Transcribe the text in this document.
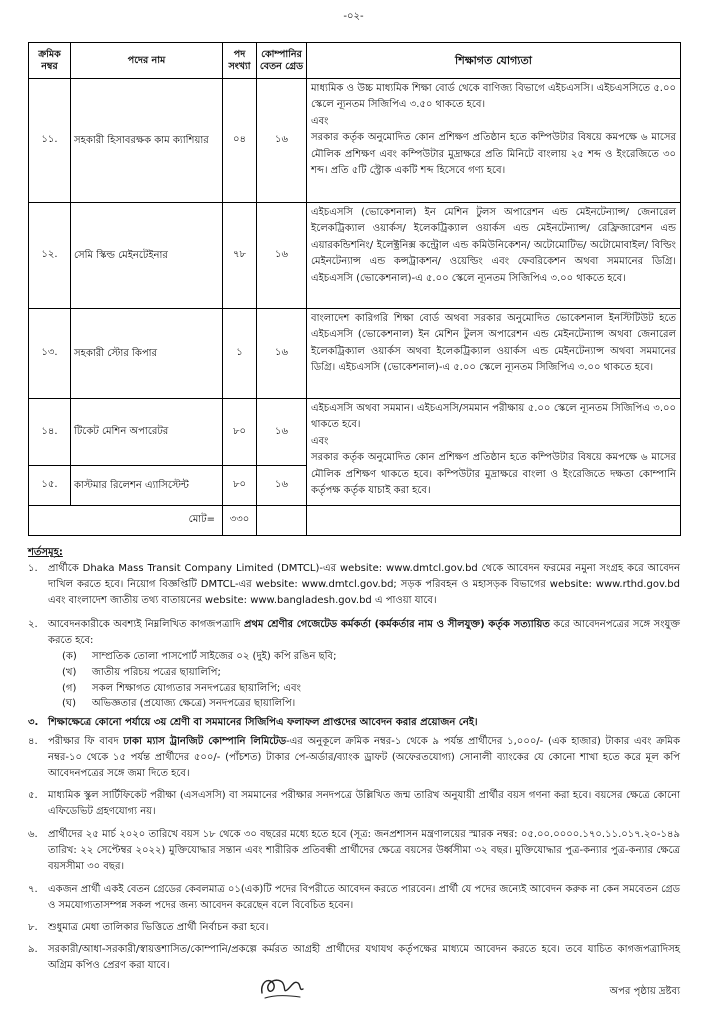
-০২-
ক্রমিক নম্বর	পদের নাম	পদ সংখ্যা	কোম্পানির বেতন গ্রেড	শিক্ষাগত যোগ্যতা
১১.	সহকারী হিসাবরক্ষক কাম ক্যাশিয়ার	০৪	১৬	মাধ্যমিক ও উচ্চ মাধ্যমিক শিক্ষা বোর্ড থেকে বাণিজ্য বিভাগে এইচএসসি। এইচএসসিতে ৫.০০ স্কেলে ন্যূনতম সিজিপিএ ৩.৫০ থাকতে হবে।

এবং

সরকার কর্তৃক অনুমোদিত কোন প্রশিক্ষণ প্রতিষ্ঠান হতে কম্পিউটার বিষয়ে কমপক্ষে ৬ মাসের মৌলিক প্রশিক্ষণ এবং কম্পিউটার মুদ্রাক্ষরে প্রতি মিনিটে বাংলায় ২৫ শব্দ ও ইংরেজিতে ৩০ শব্দ। প্রতি ৫টি স্ট্রোক একটি শব্দ হিসেবে গণ্য হবে।

১২.	সেমি স্কিল্ড মেইনটেইনার	৭৮	১৬	এইচএসসি (ভোকেশনাল) ইন মেশিন টুলস অপারেশন এন্ড মেইনটেন্যান্স/ জেনারেল ইলেকট্রিক্যাল ওয়ার্কস/ ইলেকট্রিক্যাল ওয়ার্কস এন্ড মেইনটেন্যান্স/ রেফ্রিজারেশন এন্ড এয়ারকন্ডিশনিং/ ইলেক্ট্রনিক্স কন্ট্রোল এন্ড কমিউনিকেশন/ অটোমোটিভ/ অটোমোবাইল/ বিল্ডিং মেইনটেন্যান্স এন্ড কন্সট্রাকশন/ ওয়েল্ডিং এবং ফেবরিকেশন অথবা সমমানের ডিগ্রি। এইচএসসি (ভোকেশনাল)-এ ৫.০০ স্কেলে ন্যূনতম সিজিপিএ ৩.০০ থাকতে হবে।

১৩.	সহকারী স্টোর কিপার	১	১৬	বাংলাদেশ কারিগরি শিক্ষা বোর্ড অথবা সরকার অনুমোদিত ভোকেশনাল ইনস্টিটিউট হতে এইচএসসি (ভোকেশনাল) ইন মেশিন টুলস অপারেশন এন্ড মেইনটেন্যান্স অথবা জেনারেল ইলেকট্রিক্যাল ওয়ার্কস অথবা ইলেকট্রিক্যাল ওয়ার্কস এন্ড মেইনটেন্যান্স অথবা সমমানের ডিগ্রি। এইচএসসি (ভোকেশনাল)-এ ৫.০০ স্কেলে ন্যূনতম সিজিপিএ ৩.০০ থাকতে হবে।

১৪.	টিকেট মেশিন অপারেটর	৮০	১৬	এইচএসসি অথবা সমমান। এইচএসসি/সমমান পরীক্ষায় ৫.০০ স্কেলে ন্যূনতম সিজিপিএ ৩.০০ থাকতে হবে।

এবং

সরকার কর্তৃক অনুমোদিত কোন প্রশিক্ষণ প্রতিষ্ঠান হতে কম্পিউটার বিষয়ে কমপক্ষে ৬ মাসের মৌলিক প্রশিক্ষণ থাকতে হবে। কম্পিউটার মুদ্রাক্ষরে বাংলা ও ইংরেজিতে দক্ষতা কোম্পানি কর্তৃপক্ষ কর্তৃক যাচাই করা হবে।

১৫.	কাস্টমার রিলেশন এ্যাসিস্টেন্ট	৮০	১৬	
মোট=		৩৩০		
শর্তসমূহ:
১.	প্রার্থীকে Dhaka Mass Transit Company Limited (DMTCL)-এর website: www.dmtcl.gov.bd থেকে আবেদন ফরমের নমুনা সংগ্রহ করে আবেদন দাখিল করতে হবে। নিয়োগ বিজ্ঞপ্তিটি DMTCL-এর website: www.dmtcl.gov.bd; সড়ক পরিবহন ও মহাসড়ক বিভাগের website: www.rthd.gov.bd এবং বাংলাদেশ জাতীয় তথ্য বাতায়নের website: www.bangladesh.gov.bd এ পাওয়া যাবে।
২.	আবেদনকারীকে অবশ্যই নিম্নলিখিত কাগজপত্রাদি প্রথম শ্রেণীর গেজেটেড কর্মকর্তা (কর্মকর্তার নাম ও সীলযুক্ত) কর্তৃক সত্যায়িত করে আবেদনপত্রের সঙ্গে সংযুক্ত করতে হবে:
(ক)	সাম্প্রতিক তোলা পাসপোর্ট সাইজের ০২ (দুই) কপি রঙিন ছবি;
(খ)	জাতীয় পরিচয় পত্রের ছায়ালিপি;
(গ)	সকল শিক্ষাগত যোগ্যতার সনদপত্রের ছায়ালিপি; এবং
(ঘ)	অভিজ্ঞতার (প্রযোজ্য ক্ষেত্রে) সনদপত্রের ছায়ালিপি।
৩. শিক্ষাক্ষেত্রে কোনো পর্যায়ে ৩য় শ্রেণী বা সমমানের সিজিপিএ ফলাফল প্রাপ্তদের আবেদন করার প্রয়োজন নেই।
৪.	পরীক্ষার ফি বাবদ ঢাকা ম্যাস ট্রানজিট কোম্পানি লিমিটেড-এর অনুকূলে ক্রমিক নম্বর-১ থেকে ৯ পর্যন্ত প্রার্থীদের ১,০০০/- (এক হাজার) টাকার এবং ক্রমিক নম্বর-১০ থেকে ১৫ পর্যন্ত প্রার্থীদের ৫০০/- (পাঁচশত) টাকার পে-অর্ডার/ব্যাংক ড্রাফট (অফেরতযোগ্য) সোনালী ব্যাংকের যে কোনো শাখা হতে করে মূল কপি আবেদনপত্রের সঙ্গে জমা দিতে হবে।
৫.	মাধ্যমিক স্কুল সার্টিফিকেট পরীক্ষা (এসএসসি) বা সমমানের পরীক্ষার সনদপত্রে উল্লিখিত জন্ম তারিখ অনুযায়ী প্রার্থীর বয়স গণনা করা হবে। বয়সের ক্ষেত্রে কোনো এফিডেভিট গ্রহণযোগ্য নয়।
৬.	প্রার্থীদের ২৫ মার্চ ২০২০ তারিখে বয়স ১৮ থেকে ৩০ বছরের মধ্যে হতে হবে (সূত্র: জনপ্রশাসন মন্ত্রণালয়ের স্মারক নম্বর: ০৫.০০.০০০০.১৭০.১১.০১৭.২০-১৪৯ তারিখ: ২২ সেপ্টেম্বর ২০২২) মুক্তিযোদ্ধার সন্তান এবং শারীরিক প্রতিবন্ধী প্রার্থীদের ক্ষেত্রে বয়সের উর্ধ্বসীমা ৩২ বছর। মুক্তিযোদ্ধার পুত্র-কন্যার পুত্র-কন্যার ক্ষেত্রে বয়সসীমা ৩০ বছর।
৭.	একজন প্রার্থী একই বেতন গ্রেডের কেবলমাত্র ০১(এক)টি পদের বিপরীতে আবেদন করতে পারবেন। প্রার্থী যে পদের জন্যেই আবেদন করুক না কেন সমবেতন গ্রেড ও সমযোগ্যতাসম্পন্ন সকল পদের জন্য আবেদন করেছেন বলে বিবেচিত হবেন।
৮.	শুধুমাত্র মেধা তালিকার ভিত্তিতে প্রার্থী নির্বাচন করা হবে।
৯.	সরকারী/আধা-সরকারী/স্বায়ত্তশাসিত/কোম্পানি/প্রকল্পে কর্মরত আগ্রহী প্রার্থীদের যথাযথ কর্তৃপক্ষের মাধ্যমে আবেদন করতে হবে। তবে যাচিত কাগজপত্রাদিসহ অগ্রিম কপিও প্রেরণ করা যাবে।
অপর পৃষ্ঠায় দ্রষ্টব্য
